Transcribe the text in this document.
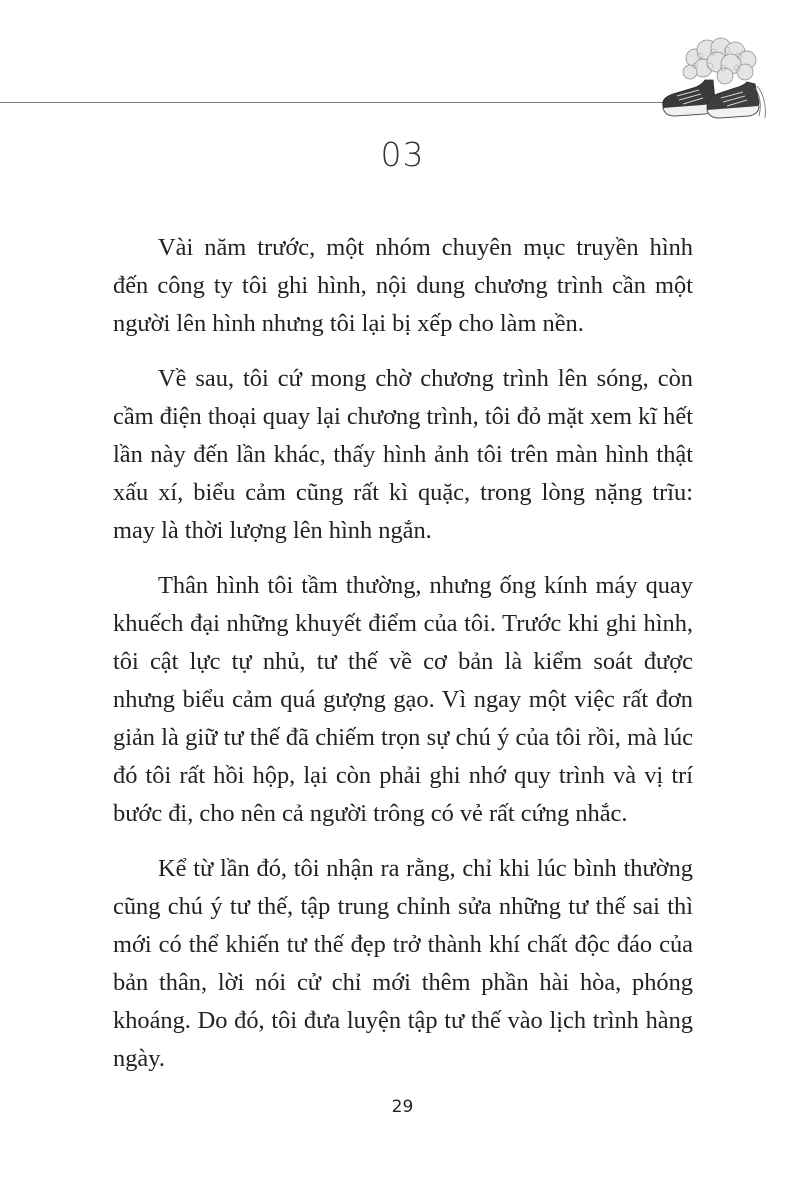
03

Vài năm trước, một nhóm chuyên mục truyền hình đến công ty tôi ghi hình, nội dung chương trình cần một người lên hình nhưng tôi lại bị xếp cho làm nền.

Về sau, tôi cứ mong chờ chương trình lên sóng, còn cầm điện thoại quay lại chương trình, tôi đỏ mặt xem kĩ hết lần này đến lần khác, thấy hình ảnh tôi trên màn hình thật xấu xí, biểu cảm cũng rất kì quặc, trong lòng nặng trĩu: may là thời lượng lên hình ngắn.

Thân hình tôi tầm thường, nhưng ống kính máy quay khuếch đại những khuyết điểm của tôi. Trước khi ghi hình, tôi cật lực tự nhủ, tư thế về cơ bản là kiểm soát được nhưng biểu cảm quá gượng gạo. Vì ngay một việc rất đơn giản là giữ tư thế đã chiếm trọn sự chú ý của tôi rồi, mà lúc đó tôi rất hồi hộp, lại còn phải ghi nhớ quy trình và vị trí bước đi, cho nên cả người trông có vẻ rất cứng nhắc.

Kể từ lần đó, tôi nhận ra rằng, chỉ khi lúc bình thường cũng chú ý tư thế, tập trung chỉnh sửa những tư thế sai thì mới có thể khiến tư thế đẹp trở thành khí chất độc đáo của bản thân, lời nói cử chỉ mới thêm phần hài hòa, phóng khoáng. Do đó, tôi đưa luyện tập tư thế vào lịch trình hàng ngày.

29
